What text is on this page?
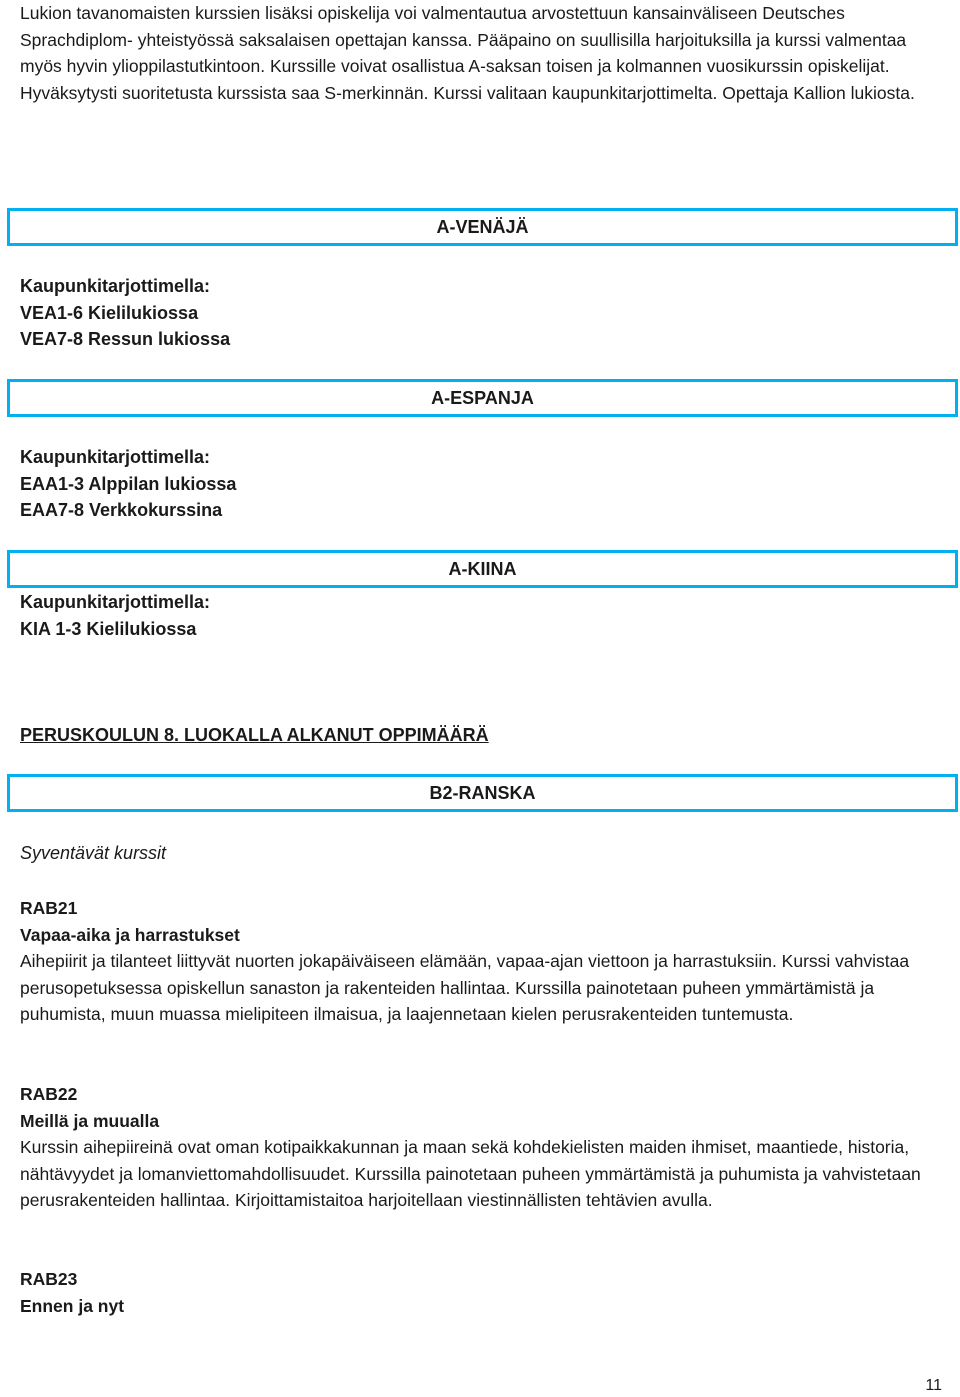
Lukion tavanomaisten kurssien lisäksi opiskelija voi valmentautua arvostettuun kansainväliseen Deutsches Sprachdiplom- yhteistyössä saksalaisen opettajan kanssa. Pääpaino on suullisilla harjoituksilla ja kurssi valmentaa myös hyvin ylioppilastutkintoon. Kurssille voivat osallistua A-saksan toisen ja kolmannen vuosikurssin opiskelijat. Hyväksytysti suoritetusta kurssista saa S-merkinnän. Kurssi valitaan kaupunkitarjottimelta. Opettaja Kallion lukiosta.

A-VENÄJÄ
Kaupunkitarjottimella:
VEA1-6 Kielilukiossa
VEA7-8 Ressun lukiossa
A-ESPANJA
Kaupunkitarjottimella:
EAA1-3 Alppilan lukiossa
EAA7-8 Verkkokurssina
A-KIINA
Kaupunkitarjottimella:
KIA 1-3 Kielilukiossa
PERUSKOULUN 8. LUOKALLA ALKANUT OPPIMÄÄRÄ
B2-RANSKA
Syventävät kurssit
RAB21
Vapaa-aika ja harrastukset
Aihepiirit ja tilanteet liittyvät nuorten jokapäiväiseen elämään, vapaa-ajan viettoon ja harrastuksiin. Kurssi vahvistaa perusopetuksessa opiskellun sanaston ja rakenteiden hallintaa. Kurssilla painotetaan puheen ymmärtämistä ja puhumista, muun muassa mielipiteen ilmaisua, ja laajennetaan kielen perusrakenteiden tuntemusta.
RAB22
Meillä ja muualla
Kurssin aihepiireinä ovat oman kotipaikkakunnan ja maan sekä kohdekielisten maiden ihmiset, maantiede, historia, nähtävyydet ja lomanviettomahdollisuudet. Kurssilla painotetaan puheen ymmärtämistä ja puhumista ja vahvistetaan perusrakenteiden hallintaa. Kirjoittamistaitoa harjoitellaan viestinnällisten tehtävien avulla.
RAB23
Ennen ja nyt
11
